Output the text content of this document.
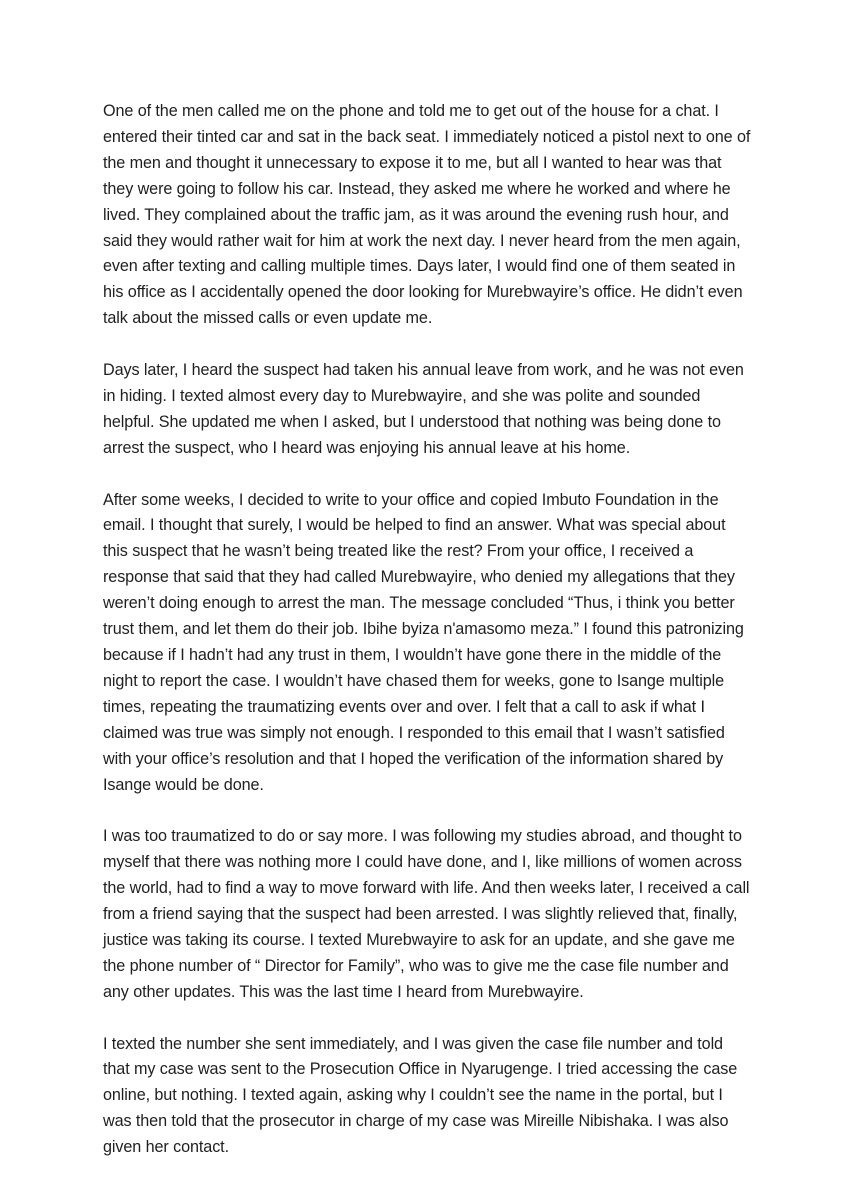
One of the men called me on the phone and told me to get out of the house for a chat. I entered their tinted car and sat in the back seat. I immediately noticed a pistol next to one of the men and thought it unnecessary to expose it to me, but all I wanted to hear was that they were going to follow his car. Instead, they asked me where he worked and where he lived. They complained about the traffic jam, as it was around the evening rush hour, and said they would rather wait for him at work the next day. I never heard from the men again, even after texting and calling multiple times. Days later, I would find one of them seated in his office as I accidentally opened the door looking for Murebwayire’s office. He didn’t even talk about the missed calls or even update me.

Days later, I heard the suspect had taken his annual leave from work, and he was not even in hiding. I texted almost every day to Murebwayire, and she was polite and sounded helpful. She updated me when I asked, but I understood that nothing was being done to arrest the suspect, who I heard was enjoying his annual leave at his home.

After some weeks, I decided to write to your office and copied Imbuto Foundation in the email. I thought that surely, I would be helped to find an answer. What was special about this suspect that he wasn’t being treated like the rest? From your office, I received a response that said that they had called Murebwayire, who denied my allegations that they weren’t doing enough to arrest the man. The message concluded “Thus, i think you better trust them, and let them do their job. Ibihe byiza n'amasomo meza.” I found this patronizing because if I hadn’t had any trust in them, I wouldn’t have gone there in the middle of the night to report the case. I wouldn’t have chased them for weeks, gone to Isange multiple times, repeating the traumatizing events over and over. I felt that a call to ask if what I claimed was true was simply not enough. I responded to this email that I wasn’t satisfied with your office’s resolution and that I hoped the verification of the information shared by Isange would be done.

I was too traumatized to do or say more. I was following my studies abroad, and thought to myself that there was nothing more I could have done, and I, like millions of women across the world, had to find a way to move forward with life. And then weeks later, I received a call from a friend saying that the suspect had been arrested. I was slightly relieved that, finally, justice was taking its course. I texted Murebwayire to ask for an update, and she gave me the phone number of “ Director for Family”, who was to give me the case file number and any other updates. This was the last time I heard from Murebwayire.

I texted the number she sent immediately, and I was given the case file number and told that my case was sent to the Prosecution Office in Nyarugenge. I tried accessing the case online, but nothing. I texted again, asking why I couldn’t see the name in the portal, but I was then told that the prosecutor in charge of my case was Mireille Nibishaka. I was also given her contact.
